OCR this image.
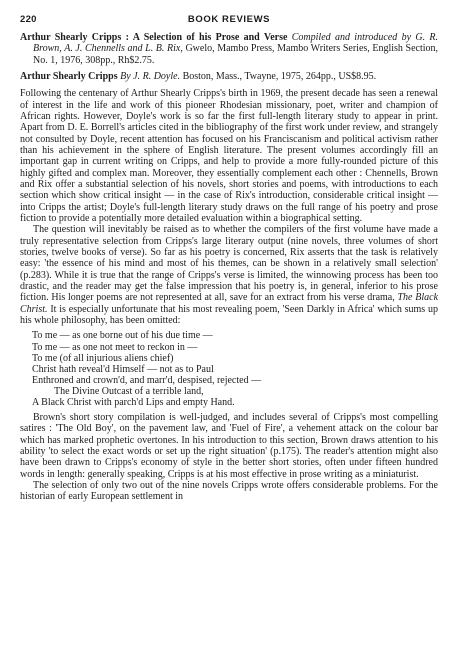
220	BOOK REVIEWS

Arthur Shearly Cripps : A Selection of his Prose and Verse Compiled and introduced by G. R. Brown, A. J. Chennells and L. B. Rix, Gwelo, Mambo Press, Mambo Writers Series, English Section, No. 1, 1976, 308pp., Rh$2.75.

Arthur Shearly Cripps By J. R. Doyle. Boston, Mass., Twayne, 1975, 264pp., US$8.95.

Following the centenary of Arthur Shearly Cripps's birth in 1969, the present decade has seen a renewal of interest in the life and work of this pioneer Rhodesian missionary, poet, writer and champion of African rights. However, Doyle's work is so far the first full-length literary study to appear in print. Apart from D. E. Borrell's articles cited in the bibliography of the first work under review, and strangely not consulted by Doyle, recent attention has focused on his Franciscanism and political activism rather than his achievement in the sphere of English literature. The present volumes accordingly fill an important gap in current writing on Cripps, and help to provide a more fully-rounded picture of this highly gifted and complex man. Moreover, they essentially complement each other : Chennells, Brown and Rix offer a substantial selection of his novels, short stories and poems, with introductions to each section which show critical insight — in the case of Rix's introduction, considerable critical insight — into Cripps the artist; Doyle's full-length literary study draws on the full range of his poetry and prose fiction to provide a potentially more detailed evaluation within a biographical setting.

The question will inevitably be raised as to whether the compilers of the first volume have made a truly representative selection from Cripps's large literary output (nine novels, three volumes of short stories, twelve books of verse). So far as his poetry is concerned, Rix asserts that the task is relatively easy: 'the essence of his mind and most of his themes, can be shown in a relatively small selection' (p.283). While it is true that the range of Cripps's verse is limited, the winnowing process has been too drastic, and the reader may get the false impression that his poetry is, in general, inferior to his prose fiction. His longer poems are not represented at all, save for an extract from his verse drama, The Black Christ. It is especially unfortunate that his most revealing poem, 'Seen Darkly in Africa' which sums up his whole philosophy, has been omitted:

To me — as one borne out of his due time —
To me — as one not meet to reckon in —
To me (of all injurious aliens chief)
Christ hath reveal'd Himself — not as to Paul
Enthroned and crown'd, and marr'd, despised, rejected —
The Divine Outcast of a terrible land,
A Black Christ with parch'd Lips and empty Hand.

Brown's short story compilation is well-judged, and includes several of Cripps's most compelling satires : 'The Old Boy', on the pavement law, and 'Fuel of Fire', a vehement attack on the colour bar which has marked prophetic overtones. In his introduction to this section, Brown draws attention to his ability 'to select the exact words or set up the right situation' (p.175). The reader's attention might also have been drawn to Cripps's economy of style in the better short stories, often under fifteen hundred words in length: generally speaking, Cripps is at his most effective in prose writing as a miniaturist.

The selection of only two out of the nine novels Cripps wrote offers considerable problems. For the historian of early European settlement in
